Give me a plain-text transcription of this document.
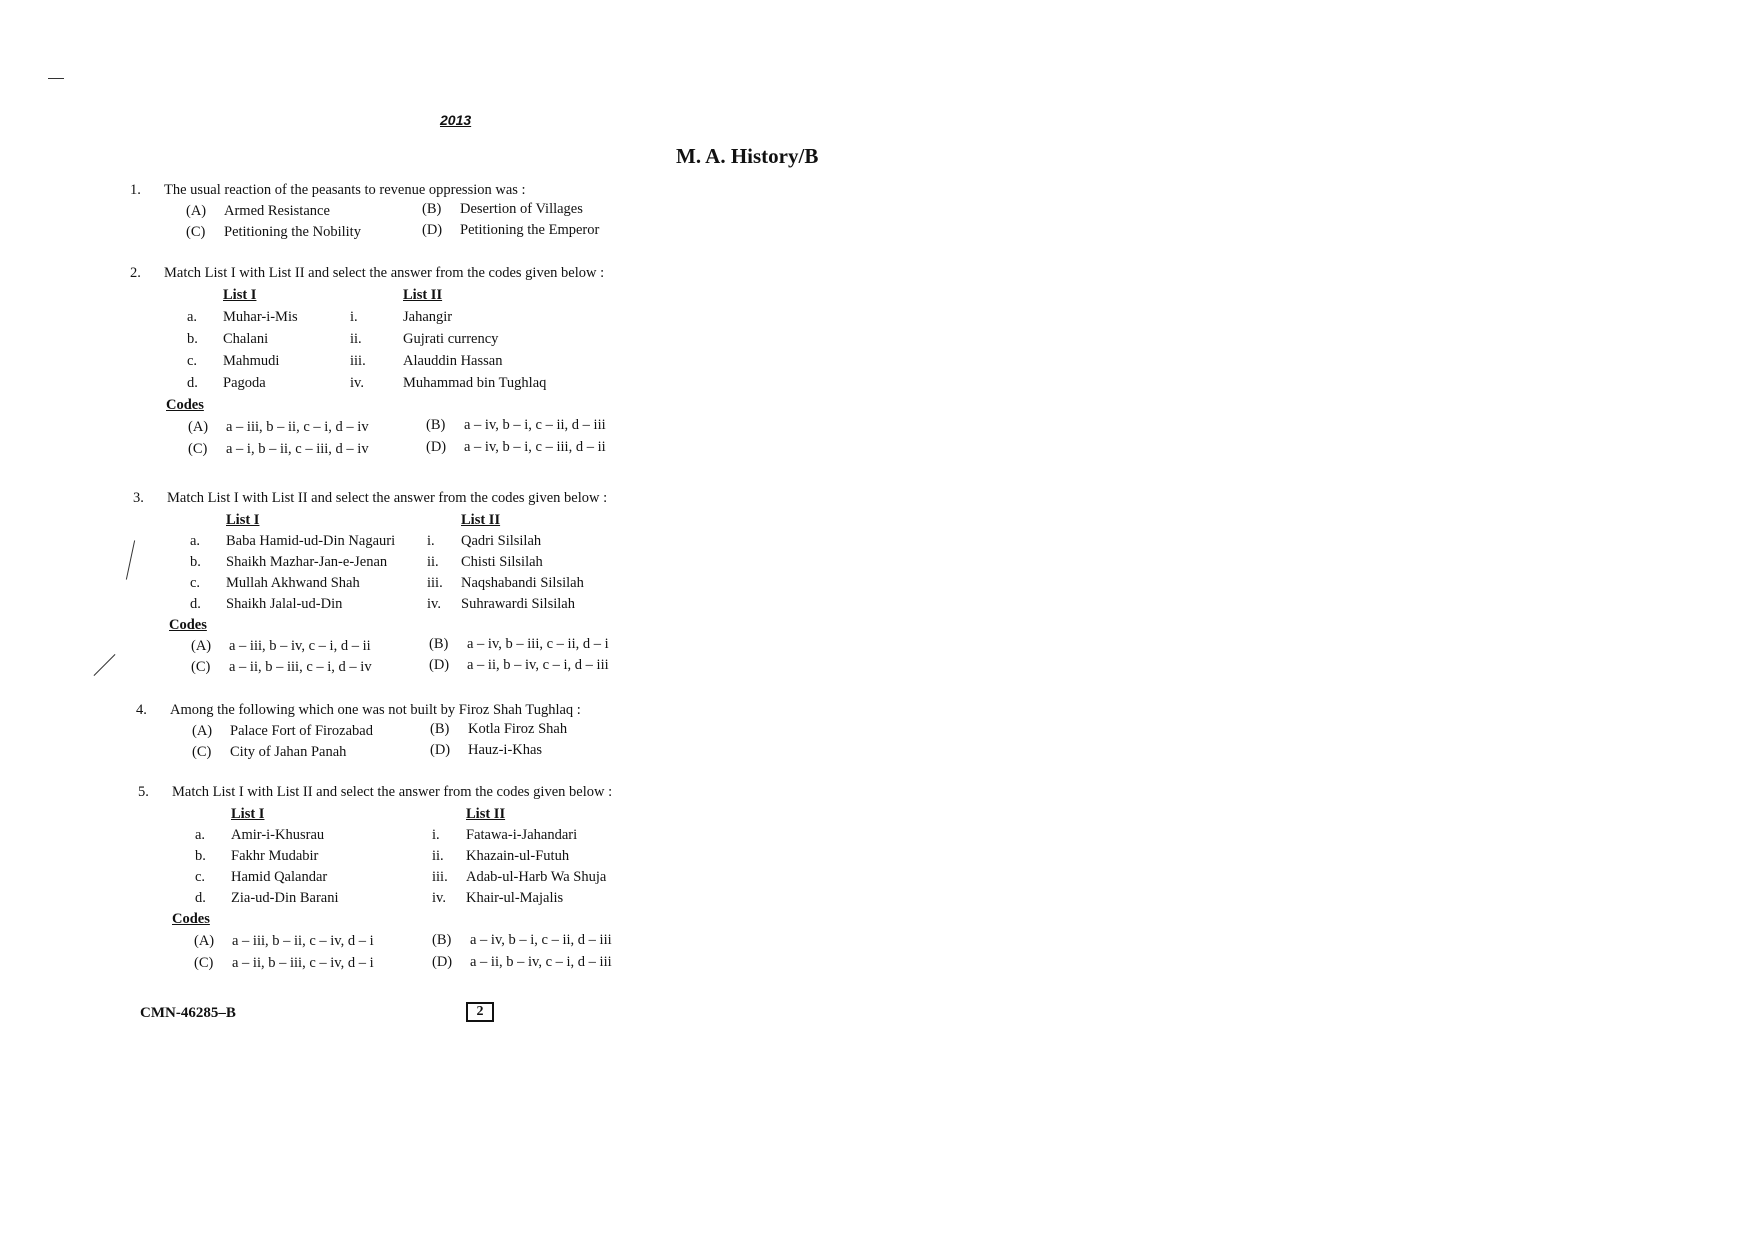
2013
M. A. History/B
1. The usual reaction of the peasants to revenue oppression was :
(A) Armed Resistance	(B) Desertion of Villages
(C) Petitioning the Nobility	(D) Petitioning the Emperor
2. Match List I with List II and select the answer from the codes given below :
List I	List II
a. Muhar-i-Mis	i.	Jahangir
b. Chalani	ii.	Gujrati currency
c. Mahmudi	iii.	Alauddin Hassan
d. Pagoda	iv.	Muhammad bin Tughlaq
Codes
(A) a – iii, b – ii, c – i, d – iv	(B) a – iv, b – i, c – ii, d – iii
(C) a – i, b – ii, c – iii, d – iv	(D) a – iv, b – i, c – iii, d – ii
3. Match List I with List II and select the answer from the codes given below :
List I	List II
a. Baba Hamid-ud-Din Nagauri i. Qadri Silsilah
b. Shaikh Mazhar-Jan-e-Jenan	ii. Chisti Silsilah
c. Mullah Akhwand Shah	iii. Naqshabandi Silsilah
d. Shaikh Jalal-ud-Din	iv. Suhrawardi Silsilah
Codes
(A) a – iii, b – iv, c – i, d – ii	(B) a – iv, b – iii, c – ii, d – i
(C) a – ii, b – iii, c – i, d – iv	(D) a – ii, b – iv, c – i, d – iii
4. Among the following which one was not built by Firoz Shah Tughlaq :
(A) Palace Fort of Firozabad	(B) Kotla Firoz Shah
(C) City of Jahan Panah	(D) Hauz-i-Khas
5. Match List I with List II and select the answer from the codes given below :
List I	List II
a. Amir-i-Khusrau	i. Fatawa-i-Jahandari
b. Fakhr Mudabir	ii. Khazain-ul-Futuh
c. Hamid Qalandar	iii. Adab-ul-Harb Wa Shuja
d. Zia-ud-Din Barani	iv. Khair-ul-Majalis
Codes
(A) a – iii, b – ii, c – iv, d – i	(B) a – iv, b – i, c – ii, d – iii
(C) a – ii, b – iii, c – iv, d – i	(D) a – ii, b – iv, c – i, d – iii
CMN-46285–B	2
